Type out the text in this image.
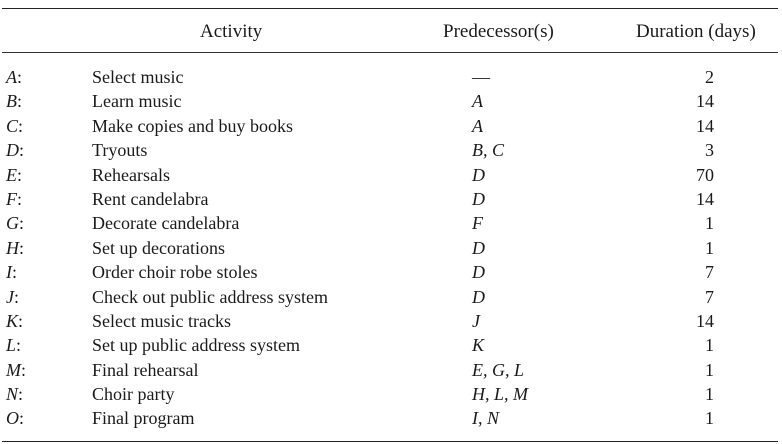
Activity	Predecessor(s)	Duration (days)
A:	Select music	—	2
B:	Learn music	A	14
C:	Make copies and buy books	A	14
D:	Tryouts	B, C	3
E:	Rehearsals	D	70
F:	Rent candelabra	D	14
G:	Decorate candelabra	F	1
H:	Set up decorations	D	1
I:	Order choir robe stoles	D	7
J:	Check out public address system	D	7
K:	Select music tracks	J	14
L:	Set up public address system	K	1
M:	Final rehearsal	E, G, L	1
N:	Choir party	H, L, M	1
O:	Final program	I, N	1
